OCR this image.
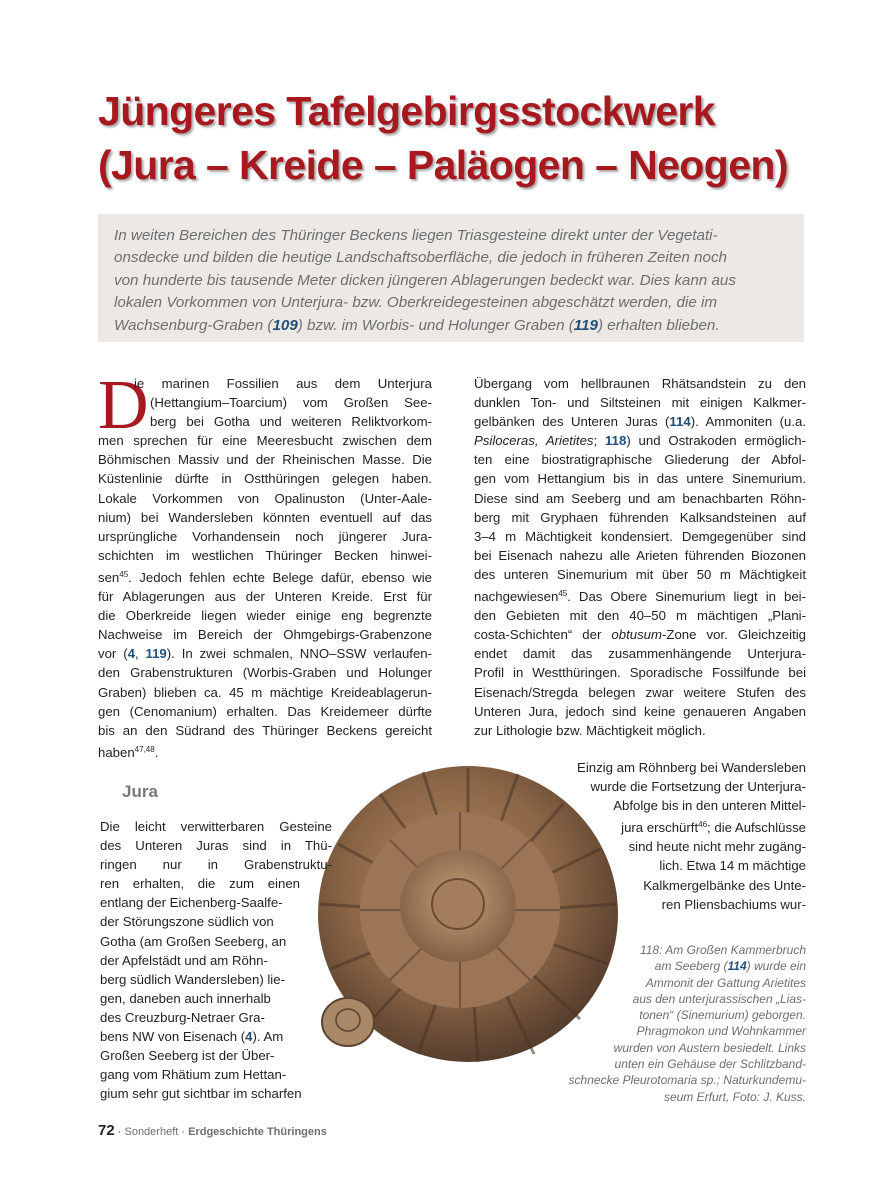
Jüngeres Tafelgebirgsstockwerk
(Jura – Kreide – Paläogen – Neogen)
In weiten Bereichen des Thüringer Beckens liegen Triasgesteine direkt unter der Vegetati-
onsdecke und bilden die heutige Landschaftsoberfläche, die jedoch in früheren Zeiten noch
von hunderte bis tausende Meter dicken jüngeren Ablagerungen bedeckt war. Dies kann aus
lokalen Vorkommen von Unterjura- bzw. Oberkreidegesteinen abgeschätzt werden, die im
Wachsenburg-Graben (109) bzw. im Worbis- und Holunger Graben (119) erhalten blieben.
D
ie marinen Fossilien aus dem Unterjura
(Hettangium–Toarcium) vom Großen See-
berg bei Gotha und weiteren Reliktvorkom-
men sprechen für eine Meeresbucht zwischen dem
Böhmischen Massiv und der Rheinischen Masse. Die
Küstenlinie dürfte in Ostthüringen gelegen haben.
Lokale Vorkommen von Opalinuston (Unter-Aale-
nium) bei Wandersleben könnten eventuell auf das
ursprüngliche Vorhandensein noch jüngerer Jura-
schichten im westlichen Thüringer Becken hinwei-
sen$^{45}$. Jedoch fehlen echte Belege dafür, ebenso wie
für Ablagerungen aus der Unteren Kreide. Erst für
die Oberkreide liegen wieder einige eng begrenzte
Nachweise im Bereich der Ohmgebirgs-Grabenzone
vor (4, 119). In zwei schmalen, NNO–SSW verlaufen-
den Grabenstrukturen (Worbis-Graben und Holunger
Graben) blieben ca. 45 m mächtige Kreideablagerun-
gen (Cenomanium) erhalten. Das Kreidemeer dürfte
bis an den Südrand des Thüringer Beckens gereicht
haben$^{47,48}$.
Übergang vom hellbraunen Rhätsandstein zu den
dunklen Ton- und Siltsteinen mit einigen Kalkmer-
gelbänken des Unteren Juras (114). Ammoniten (u.a.
Psiloceras, Arietites; 118) und Ostrakoden ermöglich-
ten eine biostratigraphische Gliederung der Abfol-
gen vom Hettangium bis in das untere Sinemurium.
Diese sind am Seeberg und am benachbarten Röhn-
berg mit Gryphaen führenden Kalksandsteinen auf
3–4 m Mächtigkeit kondensiert. Demgegenüber sind
bei Eisenach nahezu alle Arieten führenden Biozonen
des unteren Sinemurium mit über 50 m Mächtigkeit
nachgewiesen$^{45}$. Das Obere Sinemurium liegt in bei-
den Gebieten mit den 40–50 m mächtigen „Plani-
costa-Schichten“ der obtusum-Zone vor. Gleichzeitig
endet damit das zusammenhängende Unterjura-
Profil in Westthüringen. Sporadische Fossilfunde bei
Eisenach/Stregda belegen zwar weitere Stufen des
Unteren Jura, jedoch sind keine genaueren Angaben
zur Lithologie bzw. Mächtigkeit möglich.
Einzig am Röhnberg bei Wandersleben
wurde die Fortsetzung der Unterjura-
Abfolge bis in den unteren Mittel-
jura erschürft$^{46}$; die Aufschlüsse
sind heute nicht mehr zugäng-
lich. Etwa 14 m mächtige
Kalkmergelbänke des Unte-
ren Pliensbachiums wur-
Jura
Die leicht verwitterbaren Gesteine
des Unteren Juras sind in Thü-
ringen nur in Grabenstruktu-
ren erhalten, die zum einen
entlang der Eichenberg-Saalfe-
der Störungszone südlich von
Gotha (am Großen Seeberg, an
der Apfelstädt und am Röhn-
berg südlich Wandersleben) lie-
gen, daneben auch innerhalb
des Creuzburg-Netraer Gra-
bens NW von Eisenach (4). Am
Großen Seeberg ist der Über-
gang vom Rhätium zum Hettan-
gium sehr gut sichtbar im scharfen
118: Am Großen Kammerbruch
am Seeberg (114) wurde ein
Ammonit der Gattung Arietites
aus den unterjurassischen „Lias-
tonen“ (Sinemurium) geborgen.
Phragmokon und Wohnkammer
wurden von Austern besiedelt. Links
unten ein Gehäuse der Schlitzband-
schnecke Pleurotomaria sp.; Naturkundemu-
seum Erfurt, Foto: J. Kuss.
72 · Sonderheft · Erdgeschichte Thüringens
